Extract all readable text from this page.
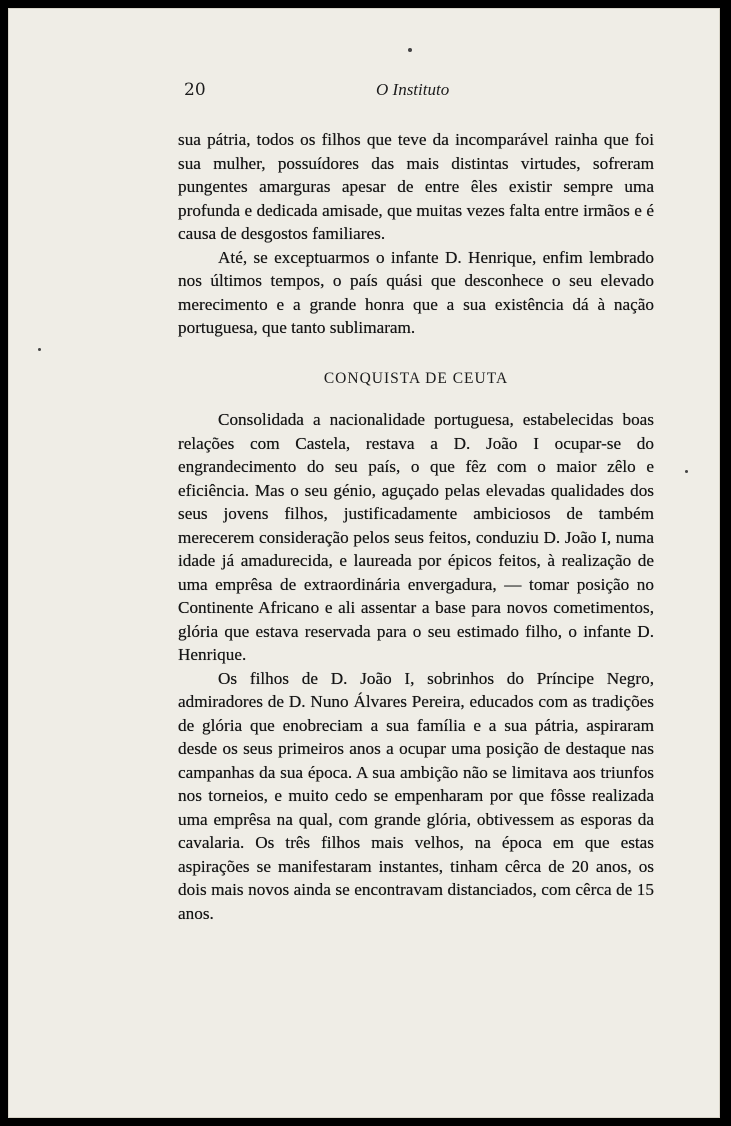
20	O Instituto

sua pátria, todos os filhos que teve da incomparável rainha que foi sua mulher, possuídores das mais distintas virtudes, sofreram pungentes amarguras apesar de entre êles existir sempre uma profunda e dedicada amisade, que muitas vezes falta entre irmãos e é causa de desgostos familiares.

Até, se exceptuarmos o infante D. Henrique, enfim lembrado nos últimos tempos, o país quási que desconhece o seu elevado merecimento e a grande honra que a sua existência dá à nação portuguesa, que tanto sublimaram.

CONQUISTA DE CEUTA

Consolidada a nacionalidade portuguesa, estabelecidas boas relações com Castela, restava a D. João I ocupar-se do engrandecimento do seu país, o que fêz com o maior zêlo e eficiência. Mas o seu génio, aguçado pelas elevadas qualidades dos seus jovens filhos, justificadamente ambiciosos de também merecerem consideração pelos seus feitos, conduziu D. João I, numa idade já amadurecida, e laureada por épicos feitos, à realização de uma emprêsa de extraordinária envergadura, — tomar posição no Continente Africano e ali assentar a base para novos cometimentos, glória que estava reservada para o seu estimado filho, o infante D. Henrique.

Os filhos de D. João I, sobrinhos do Príncipe Negro, admiradores de D. Nuno Álvares Pereira, educados com as tradições de glória que enobreciam a sua família e a sua pátria, aspiraram desde os seus primeiros anos a ocupar uma posição de destaque nas campanhas da sua época. A sua ambição não se limitava aos triunfos nos torneios, e muito cedo se empenharam por que fôsse realizada uma emprêsa na qual, com grande glória, obtivessem as esporas da cavalaria. Os três filhos mais velhos, na época em que estas aspirações se manifestaram instantes, tinham cêrca de 20 anos, os dois mais novos ainda se encontravam distanciados, com cêrca de 15 anos.
